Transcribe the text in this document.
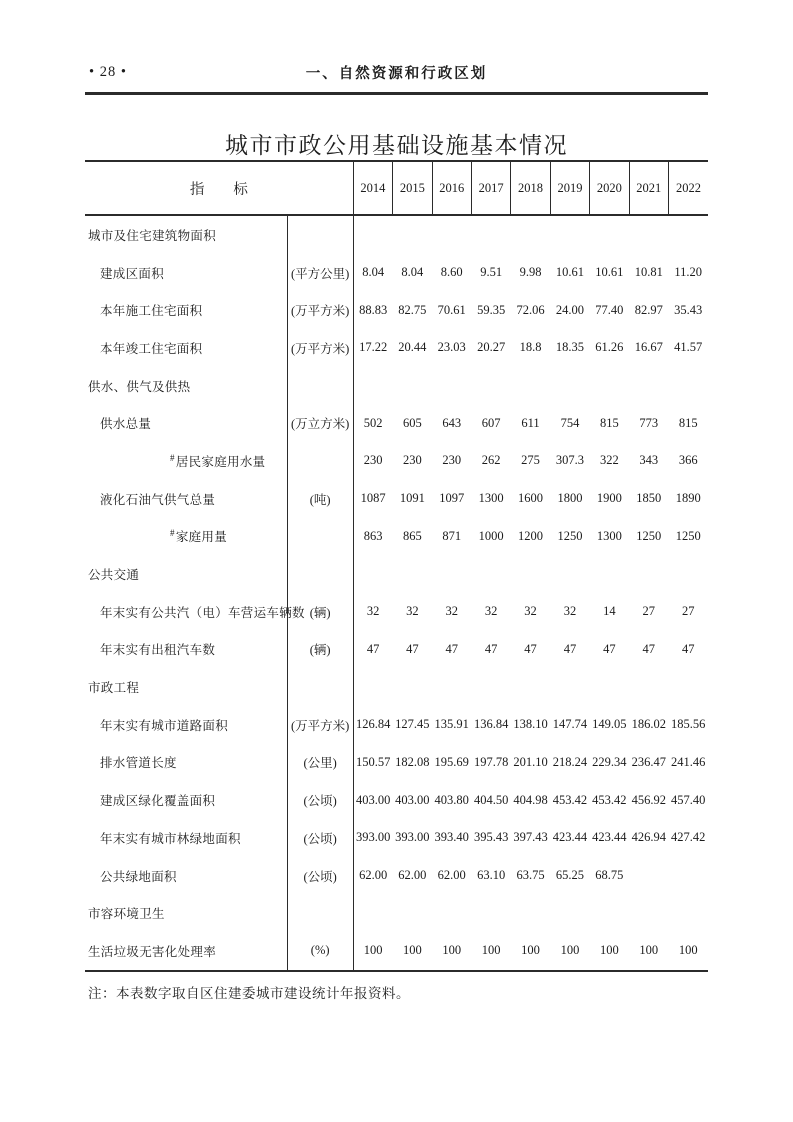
• 28 •	一、自然资源和行政区划
城市市政公用基础设施基本情况
指　　标		2014	2015	2016	2017	2018	2019	2020	2021	2022
城市及住宅建筑物面积										
建成区面积	(平方公里)	8.04	8.04	8.60	9.51	9.98	10.61	10.61	10.81	11.20
本年施工住宅面积	(万平方米)	88.83	82.75	70.61	59.35	72.06	24.00	77.40	82.97	35.43
本年竣工住宅面积	(万平方米)	17.22	20.44	23.03	20.27	18.8	18.35	61.26	16.67	41.57
供水、供气及供热										
供水总量	(万立方米)	502	605	643	607	611	754	815	773	815
#居民家庭用水量		230	230	230	262	275	307.3	322	343	366
液化石油气供气总量	(吨)	1087	1091	1097	1300	1600	1800	1900	1850	1890
#家庭用量		863	865	871	1000	1200	1250	1300	1250	1250
公共交通										
年末实有公共汽（电）车营运车辆数	(辆)	32	32	32	32	32	32	14	27	27
年末实有出租汽车数	(辆)	47	47	47	47	47	47	47	47	47
市政工程										
年末实有城市道路面积	(万平方米)	126.84	127.45	135.91	136.84	138.10	147.74	149.05	186.02	185.56
排水管道长度	(公里)	150.57	182.08	195.69	197.78	201.10	218.24	229.34	236.47	241.46
建成区绿化覆盖面积	(公顷)	403.00	403.00	403.80	404.50	404.98	453.42	453.42	456.92	457.40
年末实有城市林绿地面积	(公顷)	393.00	393.00	393.40	395.43	397.43	423.44	423.44	426.94	427.42
公共绿地面积	(公顷)	62.00	62.00	62.00	63.10	63.75	65.25	68.75		
市容环境卫生										
生活垃圾无害化处理率	(%)	100	100	100	100	100	100	100	100	100

注：本表数字取自区住建委城市建设统计年报资料。
